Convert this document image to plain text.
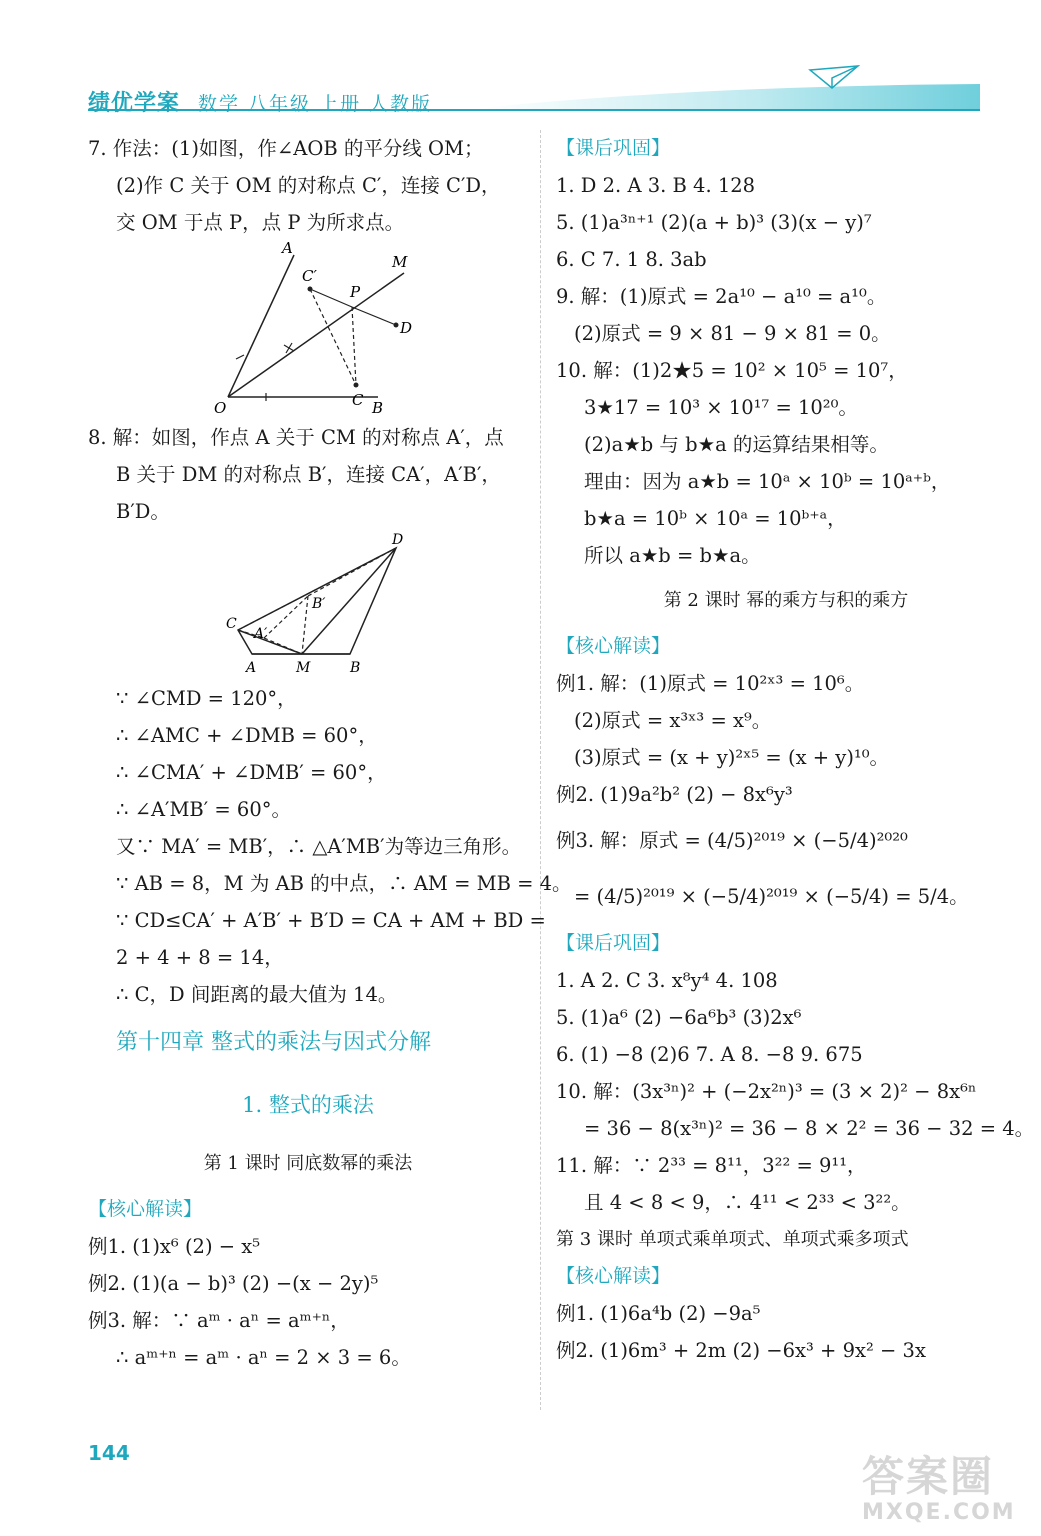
绩优学案 数学 八年级 上册 人教版
7. 作法：(1)如图，作∠AOB 的平分线 OM；
(2)作 C 关于 OM 的对称点 C′，连接 C′D，
交 OM 于点 P，点 P 为所求点。
A
M
C′
P
D
C
O	B
8. 解：如图，作点 A 关于 CM 的对称点 A′，点
B 关于 DM 的对称点 B′，连接 CA′，A′B′，
B′D。
D
C
B′
A′
A	M	B
∵ ∠CMD = 120°，
∴ ∠AMC + ∠DMB = 60°，
∴ ∠CMA′ + ∠DMB′ = 60°，
∴ ∠A′MB′ = 60°。
又∵ MA′ = MB′，∴ △A′MB′为等边三角形。
∵ AB = 8，M 为 AB 的中点，∴ AM = MB = 4。
∵ CD≤CA′ + A′B′ + B′D = CA + AM + BD =
2 + 4 + 8 = 14，
∴ C，D 间距离的最大值为 14。
第十四章 整式的乘法与因式分解
1. 整式的乘法
第 1 课时 同底数幂的乘法
【核心解读】
例1. (1)x⁶ (2) − x⁵
例2. (1)(a − b)³ (2) −(x − 2y)⁵
例3. 解：∵ aᵐ · aⁿ = aᵐ⁺ⁿ，
∴ aᵐ⁺ⁿ = aᵐ · aⁿ = 2 × 3 = 6。
【课后巩固】
1. D 2. A 3. B 4. 128
5. (1)a³ⁿ⁺¹ (2)(a + b)³ (3)(x − y)⁷
6. C 7. 1 8. 3ab
9. 解：(1)原式 = 2a¹⁰ − a¹⁰ = a¹⁰。
(2)原式 = 9 × 81 − 9 × 81 = 0。
10. 解：(1)2★5 = 10² × 10⁵ = 10⁷，
3★17 = 10³ × 10¹⁷ = 10²⁰。
(2)a★b 与 b★a 的运算结果相等。
理由：因为 a★b = 10ᵃ × 10ᵇ = 10ᵃ⁺ᵇ，
b★a = 10ᵇ × 10ᵃ = 10ᵇ⁺ᵃ，
所以 a★b = b★a。
第 2 课时 幂的乘方与积的乘方
【核心解读】
例1. 解：(1)原式 = 10²ˣ³ = 10⁶。
(2)原式 = x³ˣ³ = x⁹。
(3)原式 = (x + y)²ˣ⁵ = (x + y)¹⁰。
例2. (1)9a²b² (2) − 8x⁶y³
例3. 解：原式 = (4/5)²⁰¹⁹ × (−5/4)²⁰²⁰
= (4/5)²⁰¹⁹ × (−5/4)²⁰¹⁹ × (−5/4) = 5/4。
【课后巩固】
1. A 2. C 3. x⁸y⁴ 4. 108
5. (1)a⁶ (2) −6a⁶b³ (3)2x⁶
6. (1) −8 (2)6 7. A 8. −8 9. 675
10. 解：(3x³ⁿ)² + (−2x²ⁿ)³ = (3 × 2)² − 8x⁶ⁿ
= 36 − 8(x³ⁿ)² = 36 − 8 × 2² = 36 − 32 = 4。
11. 解：∵ 2³³ = 8¹¹，3²² = 9¹¹，
且 4 < 8 < 9，∴ 4¹¹ < 2³³ < 3²²。
第 3 课时 单项式乘单项式、单项式乘多项式
【核心解读】
例1. (1)6a⁴b (2) −9a⁵
例2. (1)6m³ + 2m (2) −6x³ + 9x² − 3x
144	答案圈
MXQE.COM
